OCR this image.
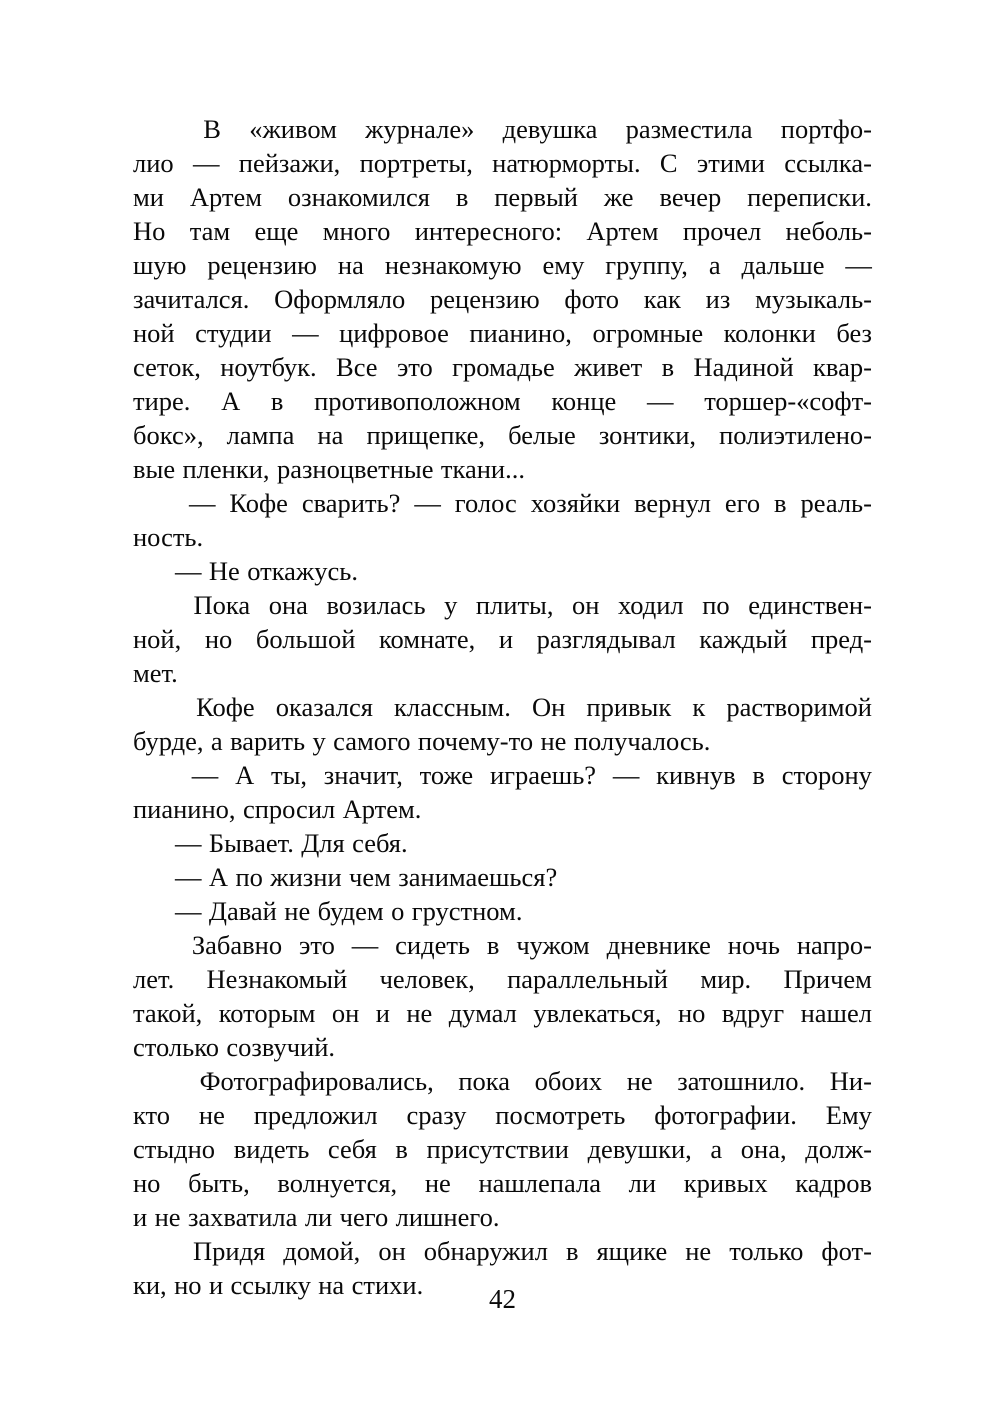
В «живом журнале» девушка разместила портфо-
лио — пейзажи, портреты, натюрморты. С этими ссылка-
ми Артем ознакомился в первый же вечер переписки.
Но там еще много интересного: Артем прочел неболь-
шую рецензию на незнакомую ему группу, а дальше —
зачитался. Оформляло рецензию фото как из музыкаль-
ной студии — цифровое пианино, огромные колонки без
сеток, ноутбук. Все это громадье живет в Надиной квар-
тире. А в противоположном конце — торшер-«софт-
бокс», лампа на прищепке, белые зонтики, полиэтилено-
вые пленки, разноцветные ткани...
— Кофе сварить? — голос хозяйки вернул его в реаль-
ность.
— Не откажусь.
Пока она возилась у плиты, он ходил по единствен-
ной, но большой комнате, и разглядывал каждый пред-
мет.
Кофе оказался классным. Он привык к растворимой
бурде, а варить у самого почему-то не получалось.
— А ты, значит, тоже играешь? — кивнув в сторону
пианино, спросил Артем.
— Бывает. Для себя.
— А по жизни чем занимаешься?
— Давай не будем о грустном.
Забавно это — сидеть в чужом дневнике ночь напро-
лет. Незнакомый человек, параллельный мир. Причем
такой, которым он и не думал увлекаться, но вдруг нашел
столько созвучий.
Фотографировались, пока обоих не затошнило. Ни-
кто не предложил сразу посмотреть фотографии. Ему
стыдно видеть себя в присутствии девушки, а она, долж-
но быть, волнуется, не нашлепала ли кривых кадров
и не захватила ли чего лишнего.
Придя домой, он обнаружил в ящике не только фот-
ки, но и ссылку на стихи.	42
